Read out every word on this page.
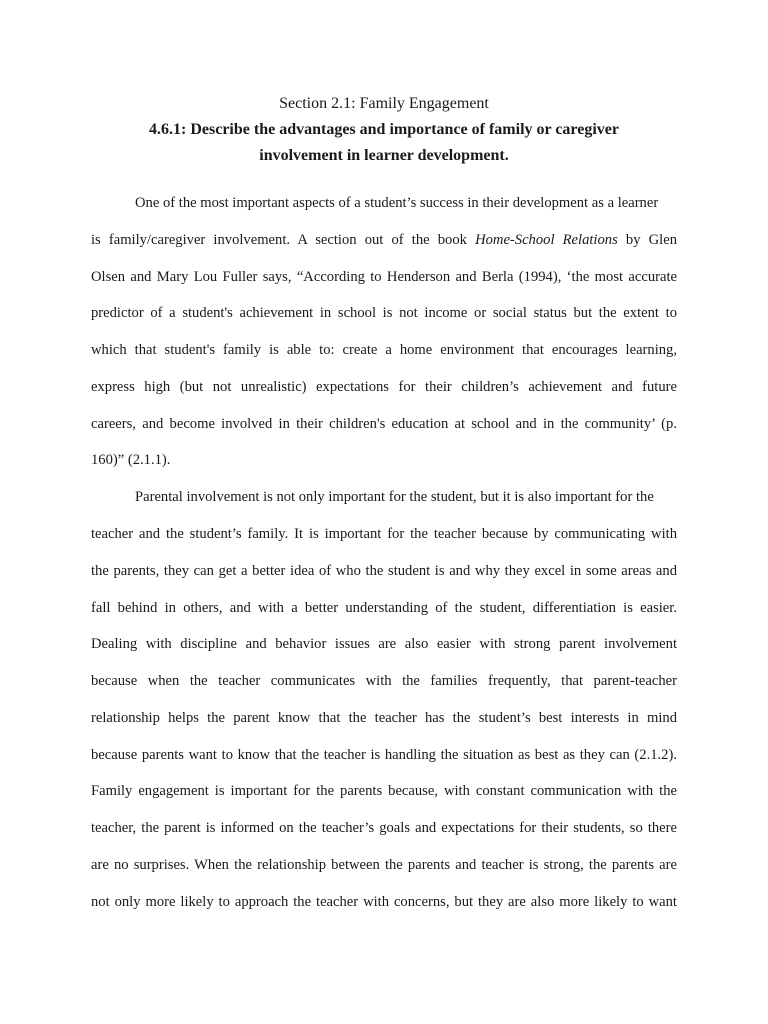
Section 2.1: Family Engagement
4.6.1: Describe the advantages and importance of family or caregiver
involvement in learner development.
One of the most important aspects of a student’s success in their development as a learner
is family/caregiver involvement. A section out of the book Home-School Relations by Glen
Olsen and Mary Lou Fuller says, “According to Henderson and Berla (1994), ‘the most accurate
predictor of a student's achievement in school is not income or social status but the extent to
which that student's family is able to: create a home environment that encourages learning,
express high (but not unrealistic) expectations for their children’s achievement and future
careers, and become involved in their children's education at school and in the community’ (p.
160)” (2.1.1).
Parental involvement is not only important for the student, but it is also important for the
teacher and the student’s family. It is important for the teacher because by communicating with
the parents, they can get a better idea of who the student is and why they excel in some areas and
fall behind in others, and with a better understanding of the student, differentiation is easier.
Dealing with discipline and behavior issues are also easier with strong parent involvement
because when the teacher communicates with the families frequently, that parent-teacher
relationship helps the parent know that the teacher has the student’s best interests in mind
because parents want to know that the teacher is handling the situation as best as they can (2.1.2).
Family engagement is important for the parents because, with constant communication with the
teacher, the parent is informed on the teacher’s goals and expectations for their students, so there
are no surprises. When the relationship between the parents and teacher is strong, the parents are
not only more likely to approach the teacher with concerns, but they are also more likely to want
